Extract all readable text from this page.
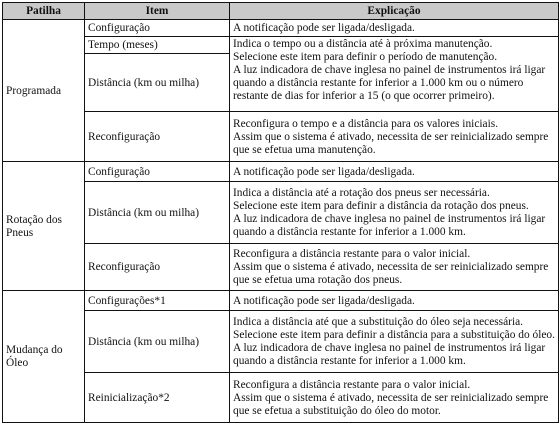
Patilha	Item	Explicação
Programada	Configuração	A notificação pode ser ligada/desligada.
	Tempo (meses)	Indica o tempo ou a distância até à próxima manutenção.
Selecione este item para definir o período de manutenção.
A luz indicadora de chave inglesa no painel de instrumentos irá ligar quando a distância restante for inferior a 1.000 km ou o número restante de dias for inferior a 15 (o que ocorrer primeiro).
	Distância (km ou milha)	
	Reconfiguração	Reconfigura o tempo e a distância para os valores iniciais.
Assim que o sistema é ativado, necessita de ser reinicializado sempre que se efetua uma manutenção.
Rotação dos Pneus	Configuração	A notificação pode ser ligada/desligada.
	Distância (km ou milha)	Indica a distância até a rotação dos pneus ser necessária.
Selecione este item para definir a distância da rotação dos pneus.
A luz indicadora de chave inglesa no painel de instrumentos irá ligar quando a distância restante for inferior a 1.000 km.
	Reconfiguração	Reconfigura a distância restante para o valor inicial.
Assim que o sistema é ativado, necessita de ser reinicializado sempre que se efetua uma rotação dos pneus.
Mudança do Óleo	Configurações*1	A notificação pode ser ligada/desligada.
	Distância (km ou milha)	Indica a distância até que a substituição do óleo seja necessária.
Selecione este item para definir a distância para a substituição do óleo.
A luz indicadora de chave inglesa no painel de instrumentos irá ligar quando a distância restante for inferior a 1.000 km.
	Reinicialização*2	Reconfigura a distância restante para o valor inicial.
Assim que o sistema é ativado, necessita de ser reinicializado sempre que se efetua a substituição do óleo do motor.
